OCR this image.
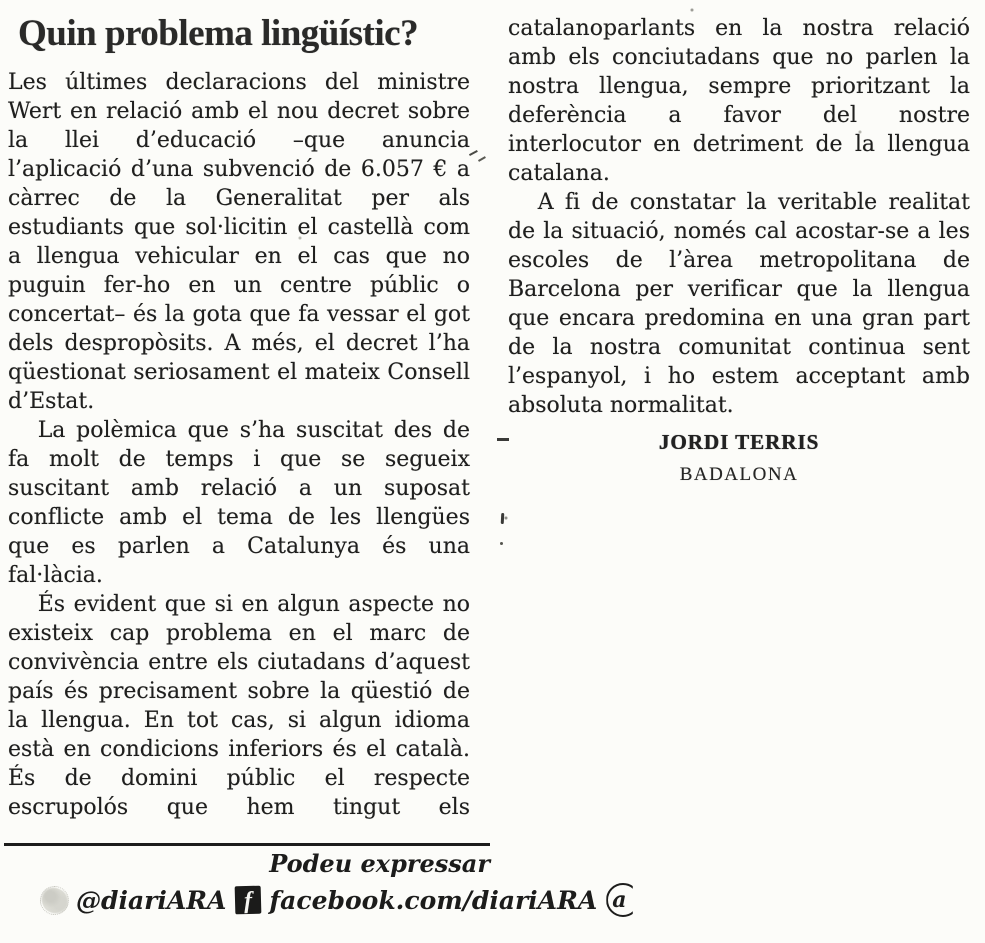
Quin problema lingüístic?

Les últimes declaracions del ministre Wert en relació amb el nou decret sobre la llei d’educació –que anuncia l’aplicació d’una subvenció de 6.057 € a càrrec de la Generalitat per als estudiants que sol·licitin el castellà com a llengua vehicular en el cas que no puguin fer-ho en un centre públic o concertat– és la gota que fa vessar el got dels despropòsits. A més, el decret l’ha qüestionat seriosament el mateix Consell d’Estat.

La polèmica que s’ha suscitat des de fa molt de temps i que se segueix suscitant amb relació a un suposat conflicte amb el tema de les llengües que es parlen a Catalunya és una fal·làcia.

És evident que si en algun aspecte no existeix cap problema en el marc de convivència entre els ciutadans d’aquest país és precisament sobre la qüestió de la llengua. En tot cas, si algun idioma està en condicions inferiors és el català. És de domini públic el respecte escrupolós que hem tingut els catalanoparlants en la nostra relació amb els conciutadans que no parlen la nostra llengua, sempre prioritzant la deferència a favor del nostre interlocutor en detriment de la llengua catalana.

A fi de constatar la veritable realitat de la situació, només cal acostar-se a les escoles de l’àrea metropolitana de Barcelona per verificar que la llengua que encara predomina en una gran part de la nostra comunitat continua sent l’espanyol, i ho estem acceptant amb absoluta normalitat.

JORDI TERRIS
BADALONA
Podeu expressar
@diariARA f facebook.com/diariARA a
